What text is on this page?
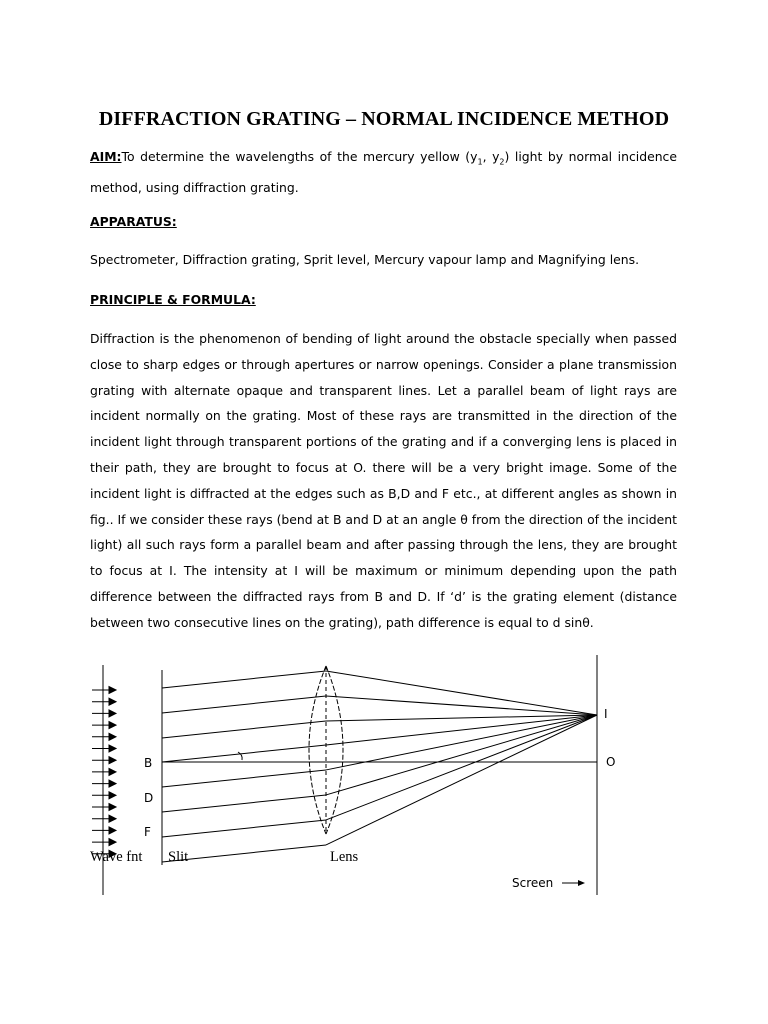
DIFFRACTION GRATING – NORMAL INCIDENCE METHOD
AIM:To determine the wavelengths of the mercury yellow ($y_1$, $y_2$) light by normal incidence method, using diffraction grating.
APPARATUS:
Spectrometer, Diffraction grating, Sprit level, Mercury vapour lamp and Magnifying lens.
PRINCIPLE & FORMULA:
Diffraction is the phenomenon of bending of light around the obstacle specially when passed close to sharp edges or through apertures or narrow openings. Consider a plane transmission grating with alternate opaque and transparent lines. Let a parallel beam of light rays are incident normally on the grating. Most of these rays are transmitted in the direction of the incident light through transparent portions of the grating and if a converging lens is placed in their path, they are brought to focus at O. there will be a very bright image. Some of the incident light is diffracted at the edges such as B,D and F etc., at different angles as shown in fig.. If we consider these rays (bend at B and D at an angle θ from the direction of the incident light) all such rays form a parallel beam and after passing through the lens, they are brought to focus at I. The intensity at I will be maximum or minimum depending upon the path difference between the diffracted rays from B and D. If ‘d’ is the grating element (distance between two consecutive lines on the grating), path difference is equal to d sinθ.
B
D
F
I
O
Wave fnt Slit	Lens
Screen
